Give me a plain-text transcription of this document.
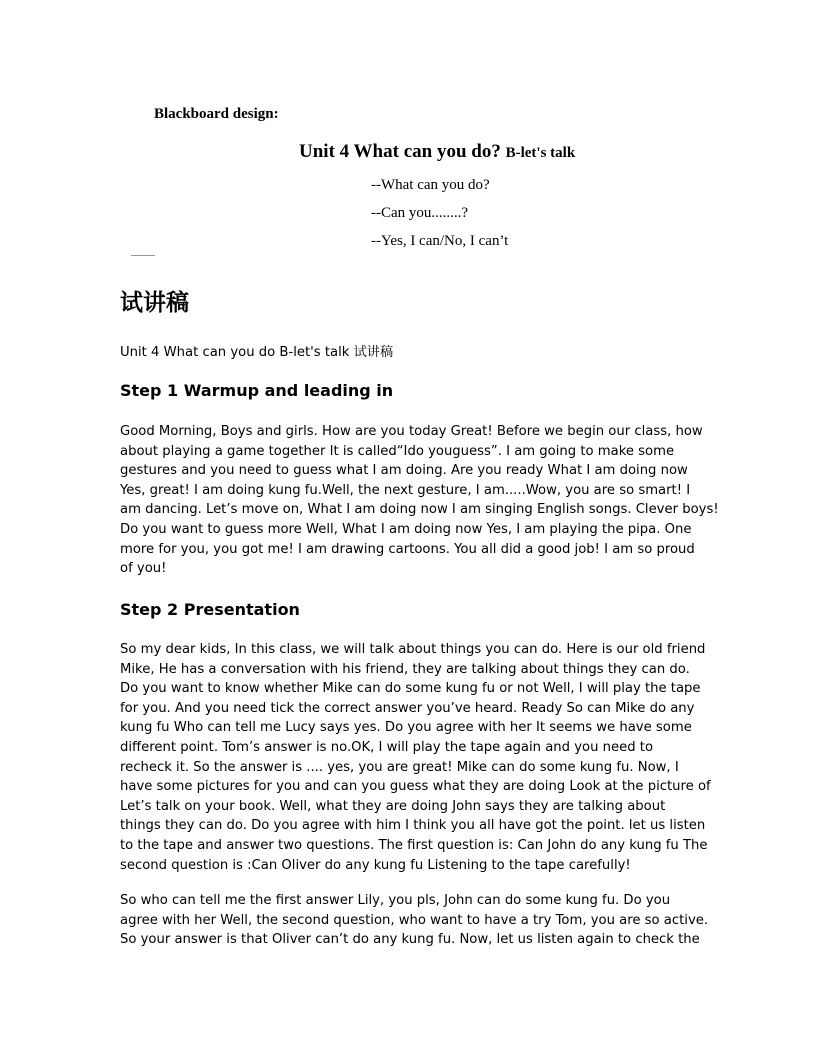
Blackboard design:
Unit 4 What can you do? B-let's talk
--What can you do?
--Can you........?
--Yes, I can/No, I can’t
试讲稿
Unit 4 What can you do B-let's talk 试讲稿
Step 1 Warmup and leading in
Good Morning, Boys and girls. How are you today Great! Before we begin our class, how
about playing a game together It is called“Ido youguess”. I am going to make some
gestures and you need to guess what I am doing. Are you ready What I am doing now
Yes, great! I am doing kung fu.Well, the next gesture, I am.....Wow, you are so smart! I
am dancing. Let’s move on, What I am doing now I am singing English songs. Clever boys!
Do you want to guess more Well, What I am doing now Yes, I am playing the pipa. One
more for you, you got me! I am drawing cartoons. You all did a good job! I am so proud
of you!
Step 2 Presentation
So my dear kids, In this class, we will talk about things you can do. Here is our old friend
Mike, He has a conversation with his friend, they are talking about things they can do.
Do you want to know whether Mike can do some kung fu or not Well, I will play the tape
for you. And you need tick the correct answer you’ve heard. Ready So can Mike do any
kung fu Who can tell me Lucy says yes. Do you agree with her It seems we have some
different point. Tom’s answer is no.OK, I will play the tape again and you need to
recheck it. So the answer is .... yes, you are great! Mike can do some kung fu. Now, I
have some pictures for you and can you guess what they are doing Look at the picture of
Let’s talk on your book. Well, what they are doing John says they are talking about
things they can do. Do you agree with him I think you all have got the point. let us listen
to the tape and answer two questions. The first question is: Can John do any kung fu The
second question is :Can Oliver do any kung fu Listening to the tape carefully!
So who can tell me the first answer Lily, you pls, John can do some kung fu. Do you
agree with her Well, the second question, who want to have a try Tom, you are so active.
So your answer is that Oliver can’t do any kung fu. Now, let us listen again to check the
